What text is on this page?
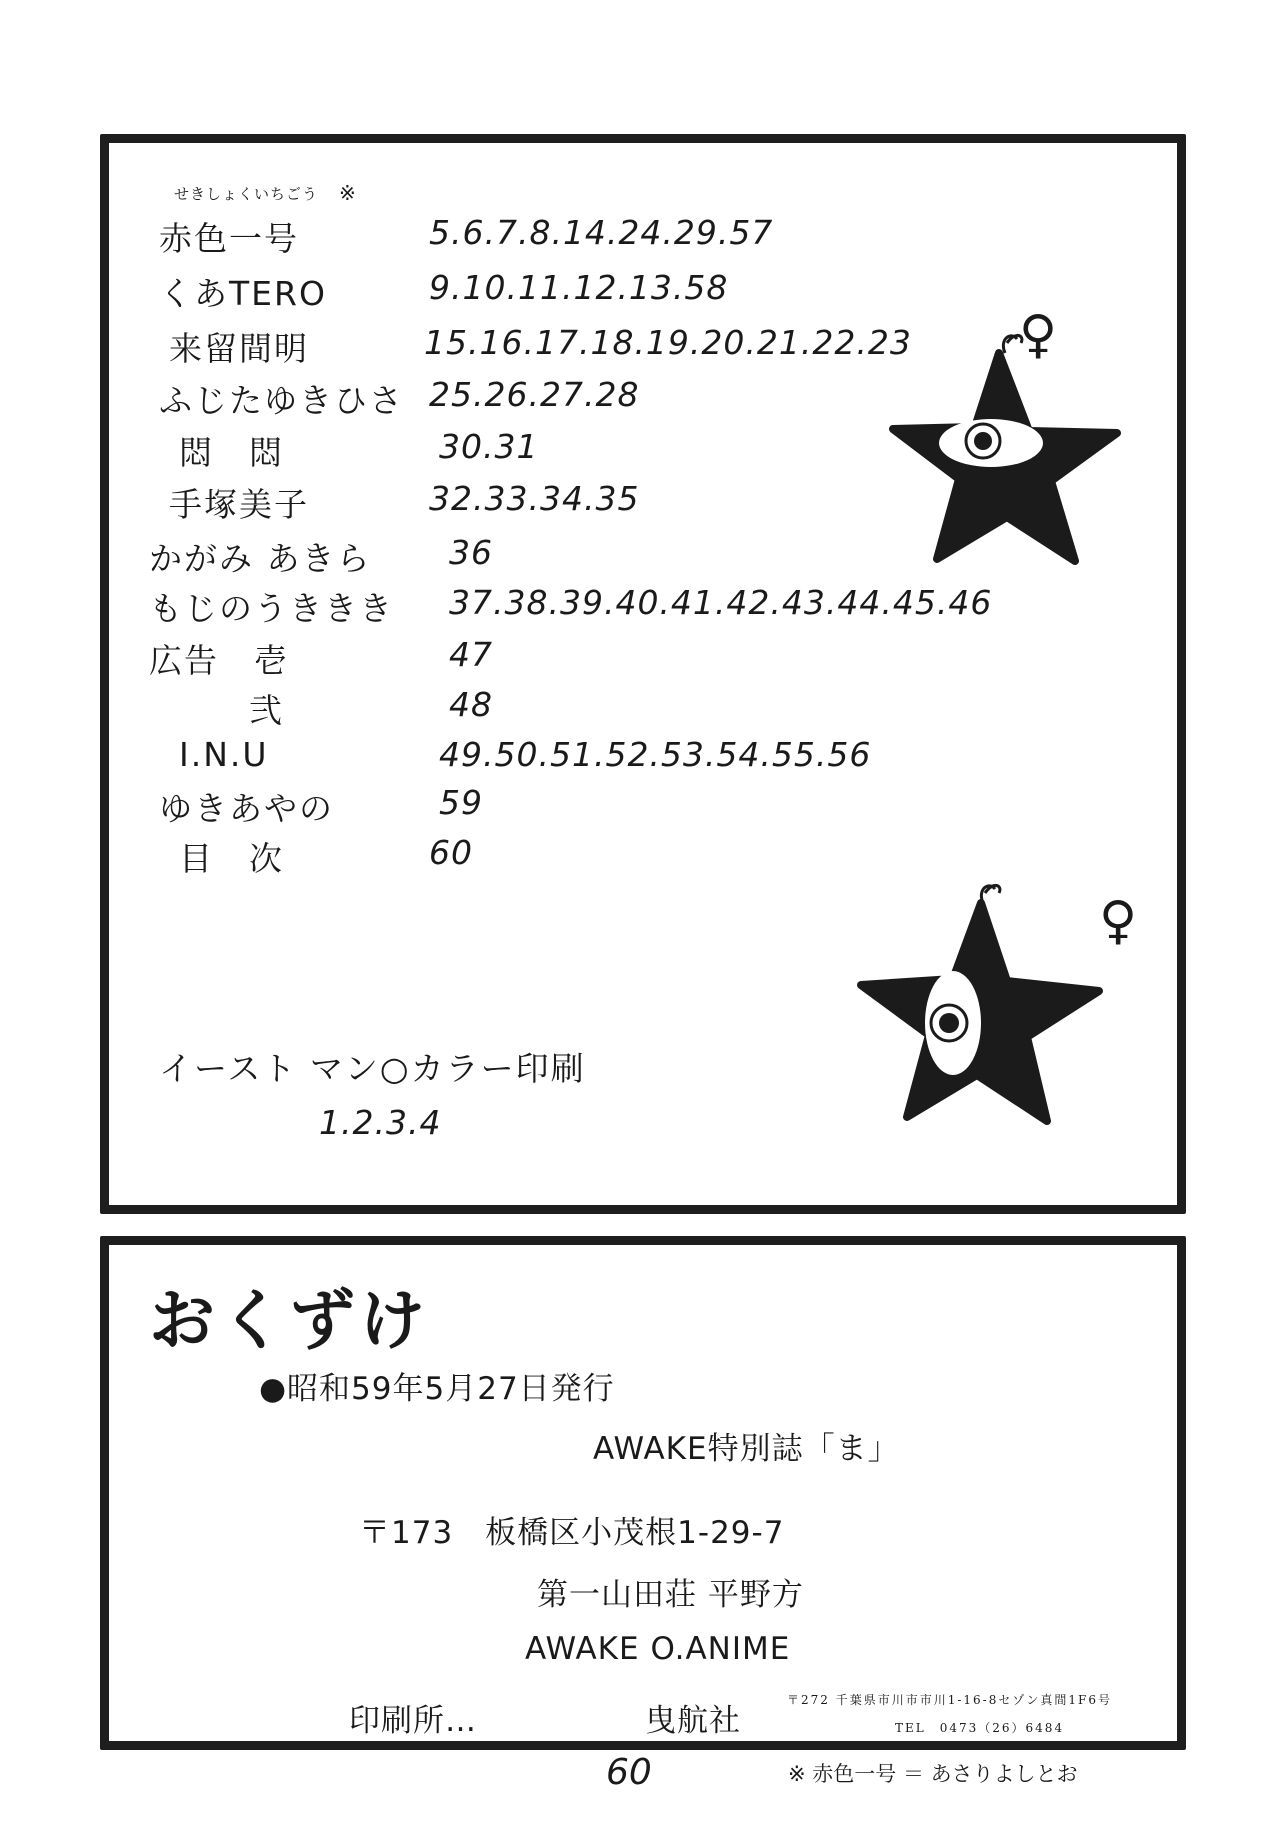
せきしょくいちごう ※
赤色一号	5.6.7.8.14.24.29.57
くあTERO	9.10.11.12.13.58
来留間明	15.16.17.18.19.20.21.22.23
ふじたゆきひさ 25.26.27.28
悶　悶	30.31
手塚美子	32.33.34.35
かがみ あきら 36
もじのうききき 37.38.39.40.41.42.43.44.45.46
広告　壱	47
弐	48
I.N.U	49.50.51.52.53.54.55.56
ゆきあやの	59
目　次	60
イースト マン○カラー印刷
1.2.3.4
♀
♀
おくずけ
●昭和59年5月27日発行
AWAKE特別誌「ま」
〒173　板橋区小茂根1-29-7
第一山田荘 平野方
AWAKE O.ANIME
印刷所…	曳航社
〒272 千葉県市川市市川1-16-8セゾン真間1F6号
TEL　0473（26）6484
60	※ 赤色一号 ＝ あさりよしとお
